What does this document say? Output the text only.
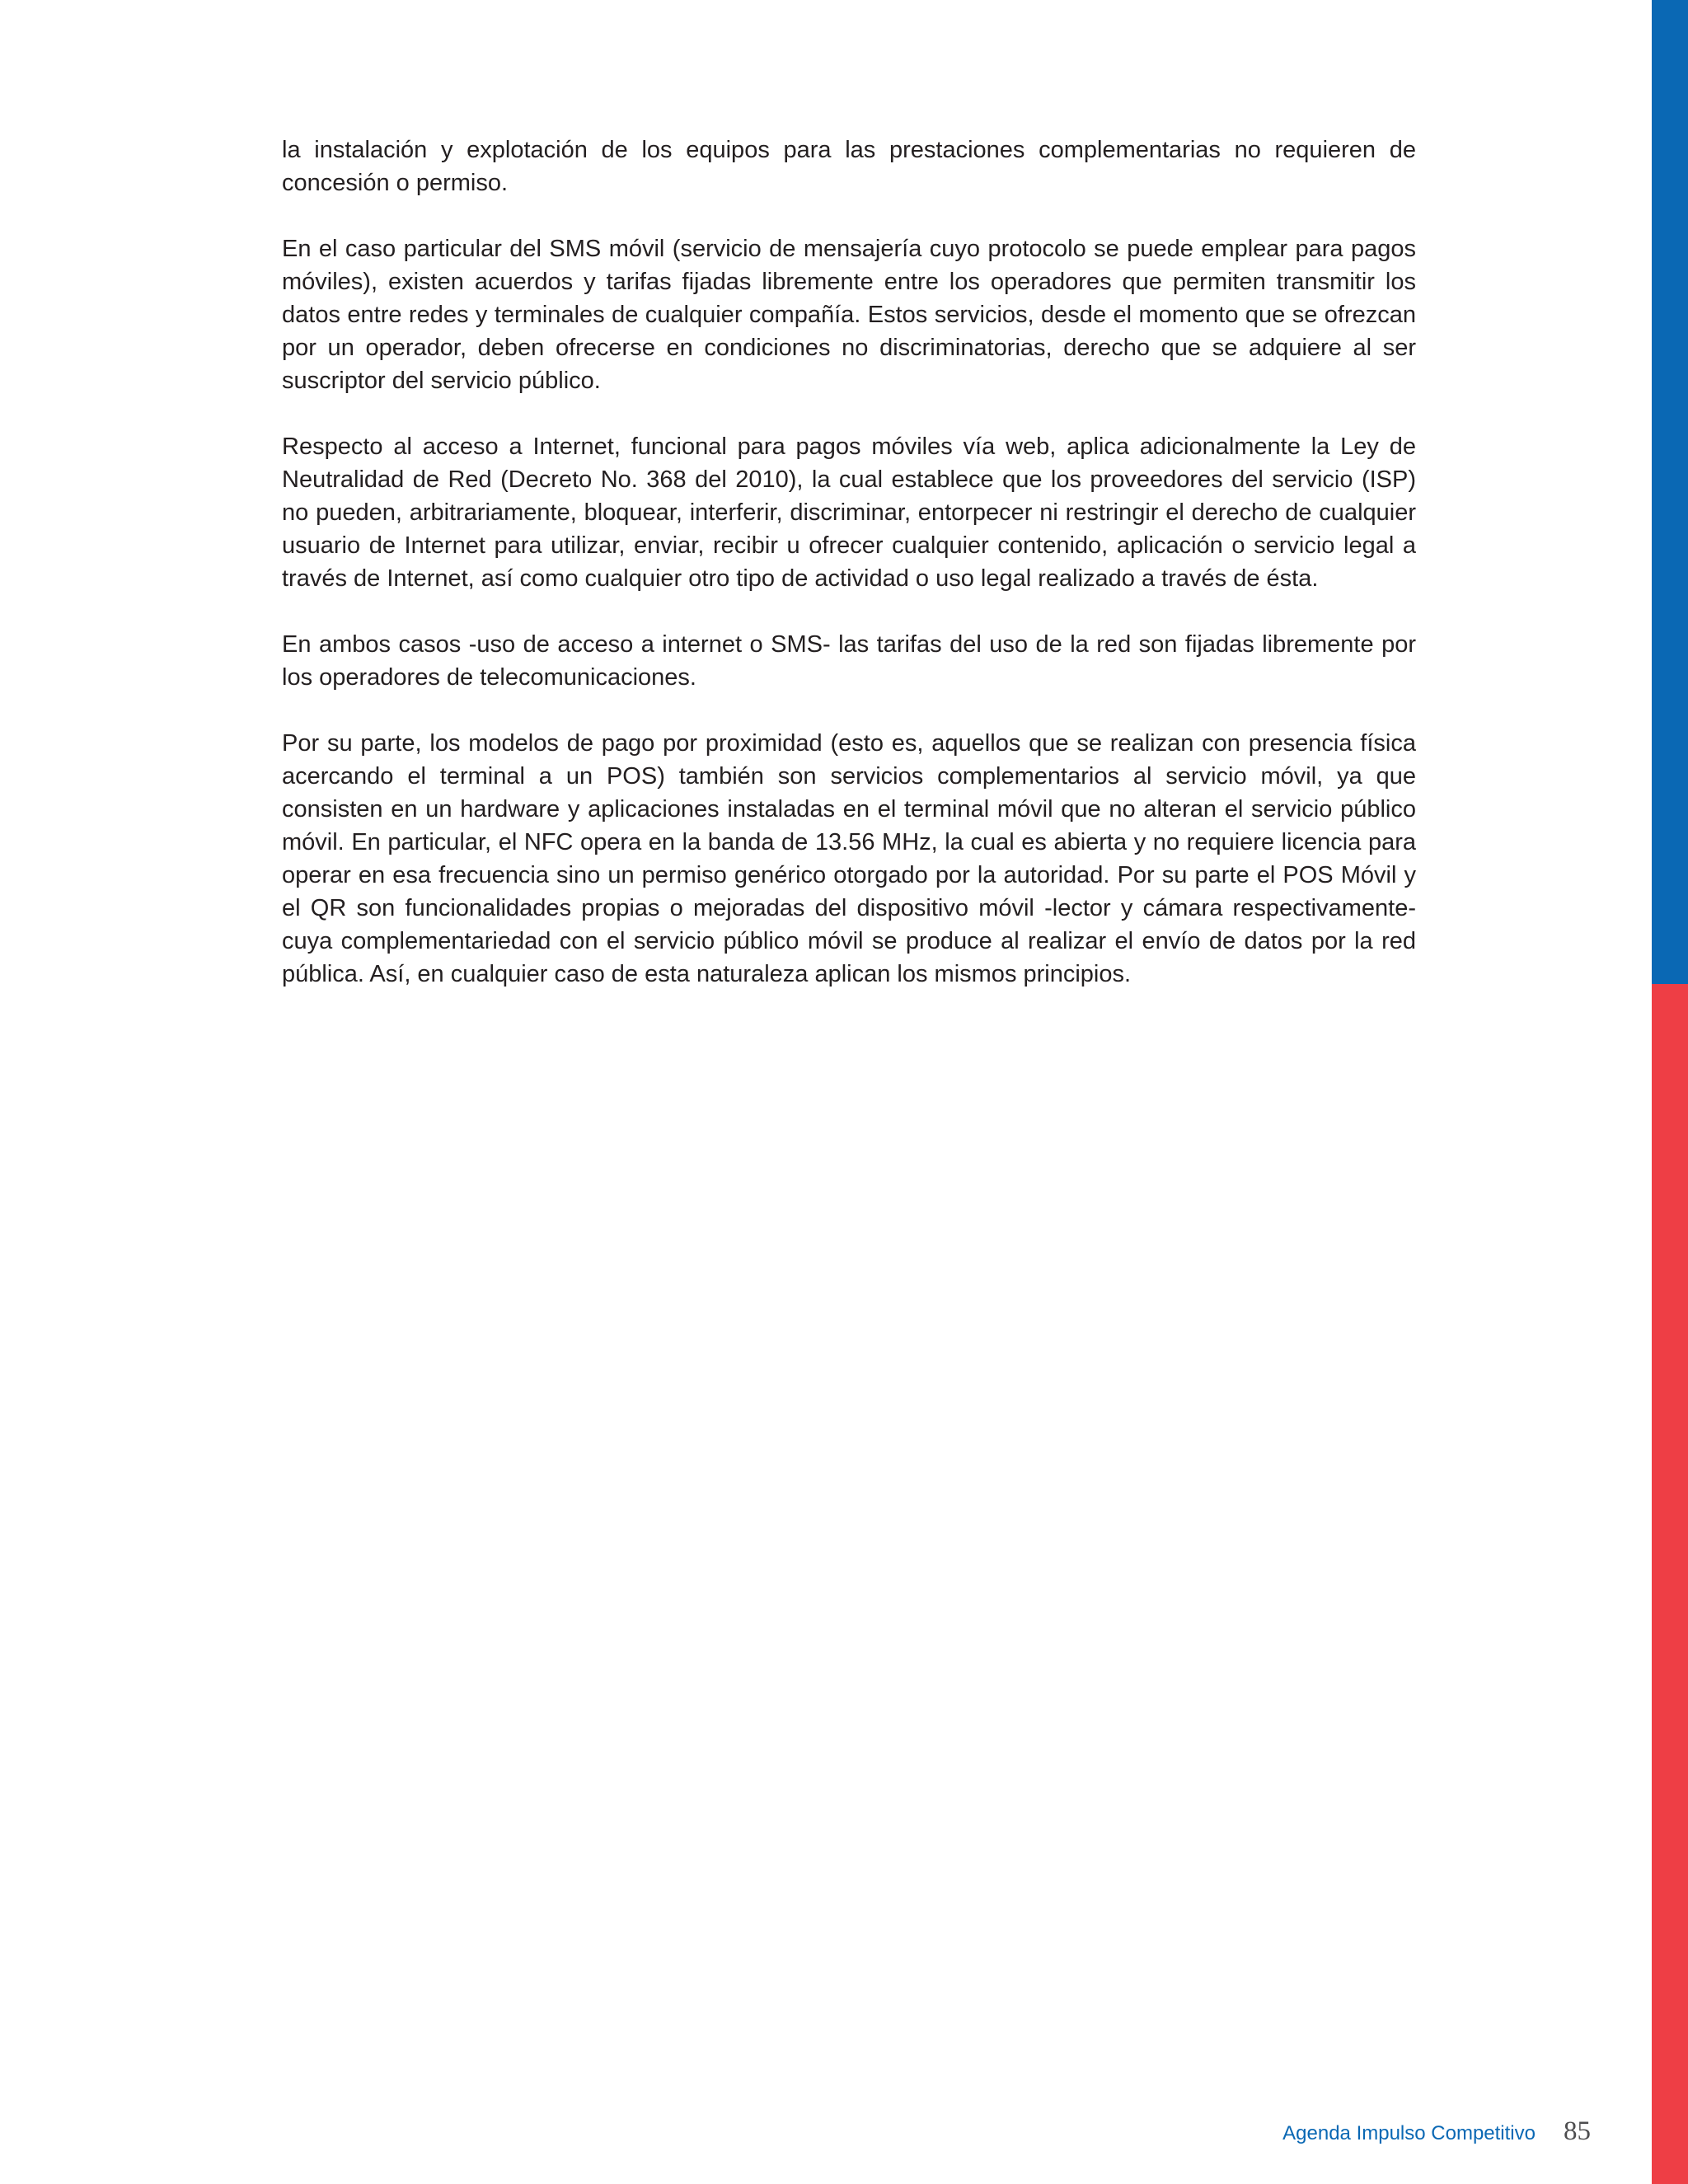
la instalación y explotación de los equipos para las prestaciones complementarias no requieren de concesión o permiso.

En el caso particular del SMS móvil (servicio de mensajería cuyo protocolo se puede emplear para pagos móviles), existen acuerdos y tarifas fijadas libremente entre los operadores que permiten transmitir los datos entre redes y terminales de cualquier compañía. Estos servicios, desde el momento que se ofrezcan por un operador, deben ofrecerse en condiciones no discriminatorias, derecho que se adquiere al ser suscriptor del servicio público.

Respecto al acceso a Internet, funcional para pagos móviles vía web, aplica adicionalmente la Ley de Neutralidad de Red (Decreto No. 368 del 2010), la cual establece que los proveedores del servicio (ISP) no pueden, arbitrariamente, bloquear, interferir, discriminar, entorpecer ni restringir el derecho de cualquier usuario de Internet para utilizar, enviar, recibir u ofrecer cualquier contenido, aplicación o servicio legal a través de Internet, así como cualquier otro tipo de actividad o uso legal realizado a través de ésta.

En ambos casos -uso de acceso a internet o SMS- las tarifas del uso de la red son fijadas libremente por los operadores de telecomunicaciones.

Por su parte, los modelos de pago por proximidad (esto es, aquellos que se realizan con presencia física acercando el terminal a un POS) también son servicios complementarios al servicio móvil, ya que consisten en un hardware y aplicaciones instaladas en el terminal móvil que no alteran el servicio público móvil. En particular, el NFC opera en la banda de 13.56 MHz, la cual es abierta y no requiere licencia para operar en esa frecuencia sino un permiso genérico otorgado por la autoridad. Por su parte el POS Móvil y el QR son funcionalidades propias o mejoradas del dispositivo móvil -lector y cámara respectivamente- cuya complementariedad con el servicio público móvil se produce al realizar el envío de datos por la red pública. Así, en cualquier caso de esta naturaleza aplican los mismos principios.

Agenda Impulso Competitivo 85
